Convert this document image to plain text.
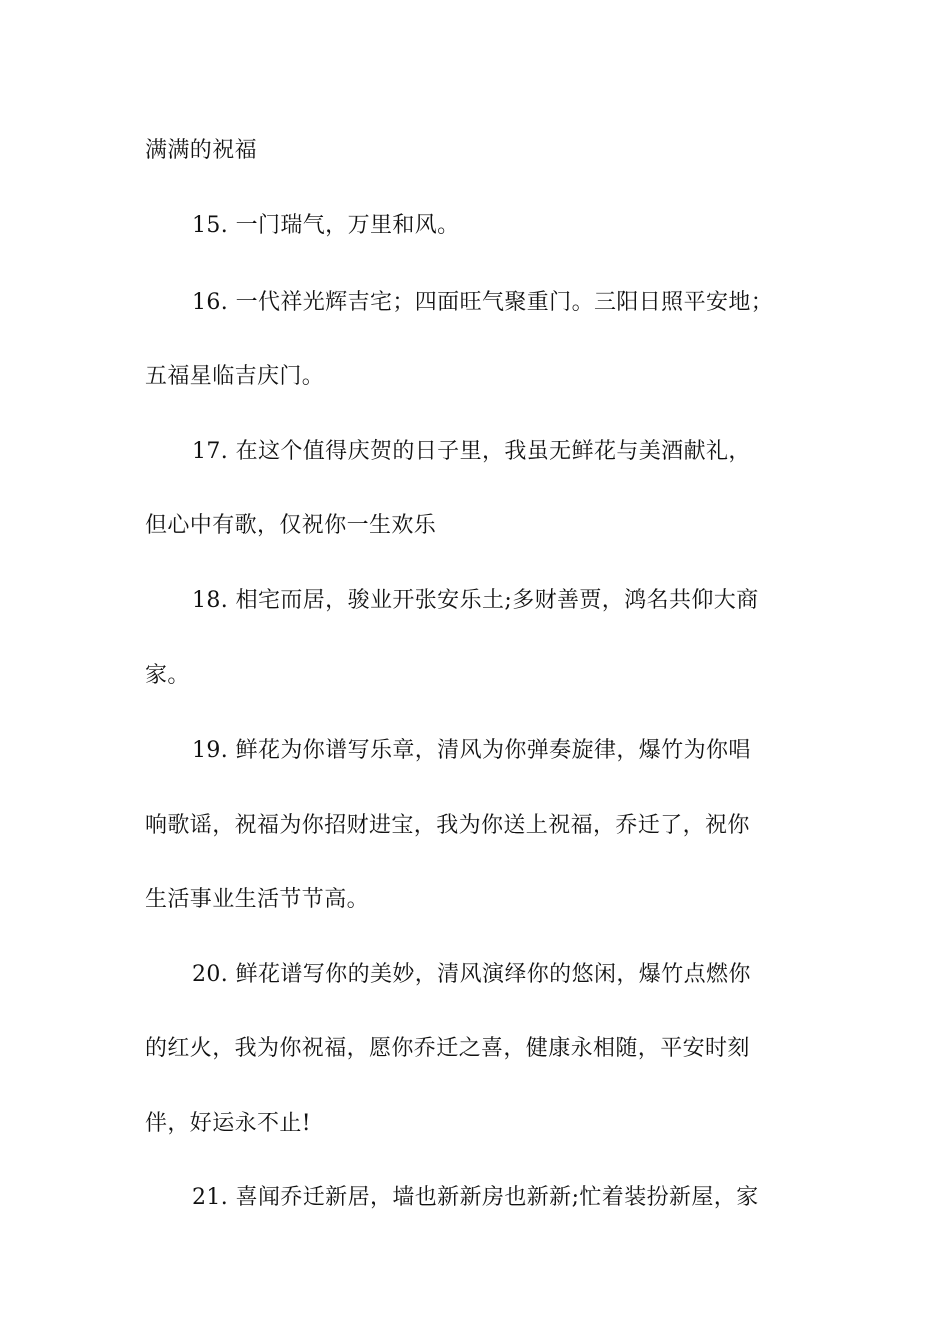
满满的祝福
15. 一门瑞气，万里和风。
16. 一代祥光辉吉宅；四面旺气聚重门。三阳日照平安地；
五福星临吉庆门。
17. 在这个值得庆贺的日子里，我虽无鲜花与美酒献礼，
但心中有歌，仅祝你一生欢乐
18. 相宅而居，骏业开张安乐土;多财善贾，鸿名共仰大商
家。
19. 鲜花为你谱写乐章，清风为你弹奏旋律，爆竹为你唱
响歌谣，祝福为你招财进宝，我为你送上祝福，乔迁了，祝你
生活事业生活节节高。
20. 鲜花谱写你的美妙，清风演绎你的悠闲，爆竹点燃你
的红火，我为你祝福，愿你乔迁之喜，健康永相随，平安时刻
伴，好运永不止!
21. 喜闻乔迁新居，墙也新新房也新新;忙着装扮新屋，家
